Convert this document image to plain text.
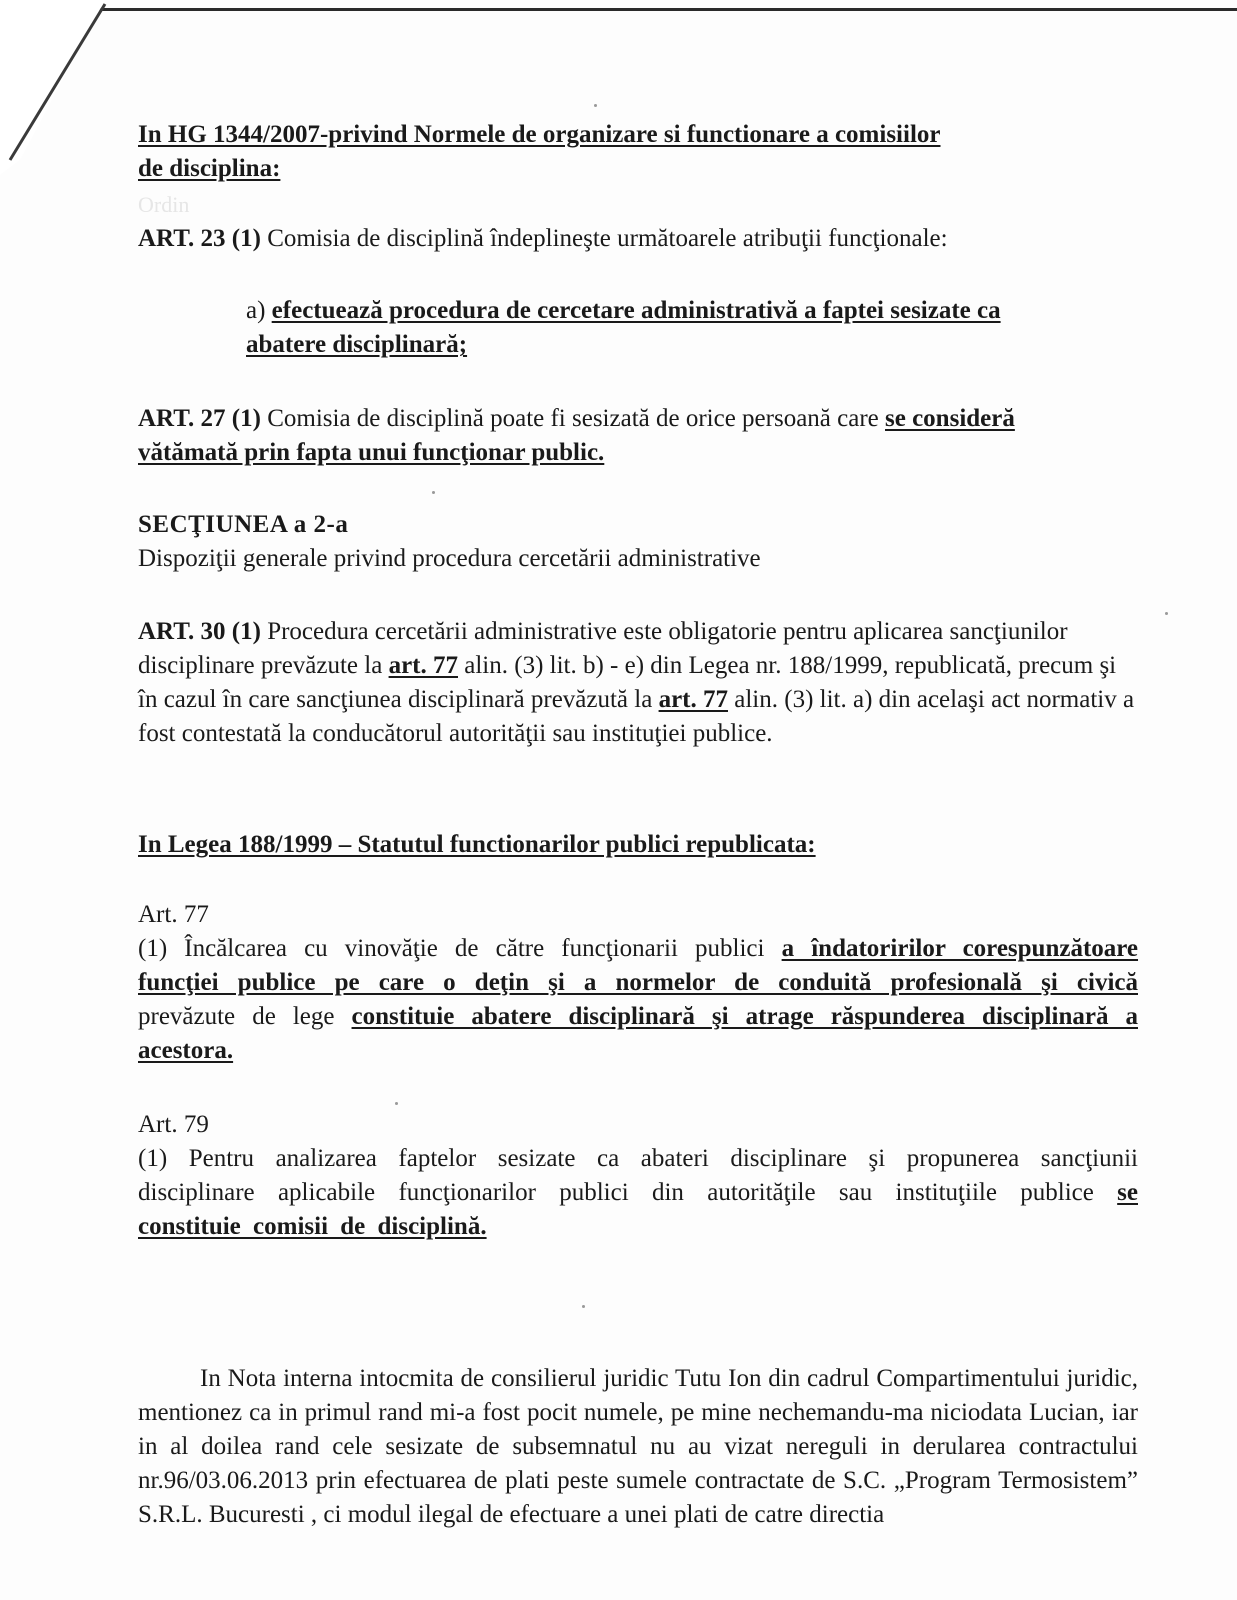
In HG 1344/2007-privind Normele de organizare si functionare a comisiilor
de disciplina:
Ordin
ART. 23 (1) Comisia de disciplină îndeplineşte următoarele atribuţii funcţionale:
a) efectuează procedura de cercetare administrativă a faptei sesizate ca abatere disciplinară;
ART. 27 (1) Comisia de disciplină poate fi sesizată de orice persoană care se consideră vătămată prin fapta unui funcţionar public.
SECŢIUNEA a 2-a
Dispoziţii generale privind procedura cercetării administrative
ART. 30 (1) Procedura cercetării administrative este obligatorie pentru aplicarea sancţiunilor disciplinare prevăzute la art. 77 alin. (3) lit. b) - e) din Legea nr. 188/1999, republicată, precum şi în cazul în care sancţiunea disciplinară prevăzută la art. 77 alin. (3) lit. a) din acelaşi act normativ a fost contestată la conducătorul autorităţii sau instituţiei publice.
In Legea 188/1999 – Statutul functionarilor publici republicata:
Art. 77
(1) Încălcarea cu vinovăţie de către funcţionarii publici a îndatoririlor corespunzătoare funcţiei publice pe care o deţin şi a normelor de conduită profesională şi civică prevăzute de lege constituie abatere disciplinară şi atrage răspunderea disciplinară a acestora.
Art. 79
(1) Pentru analizarea faptelor sesizate ca abateri disciplinare şi propunerea sancţiunii disciplinare aplicabile funcţionarilor publici din autorităţile sau instituţiile publice se constituie comisii de disciplină.
In Nota interna intocmita de consilierul juridic Tutu Ion din cadrul Compartimentului juridic, mentionez ca in primul rand mi-a fost pocit numele, pe mine nechemandu-ma niciodata Lucian, iar in al doilea rand cele sesizate de subsemnatul nu au vizat nereguli in derularea contractului nr.96/03.06.2013 prin efectuarea de plati peste sumele contractate de S.C. „Program Termosistem” S.R.L. Bucuresti , ci modul ilegal de efectuare a unei plati de catre directia
